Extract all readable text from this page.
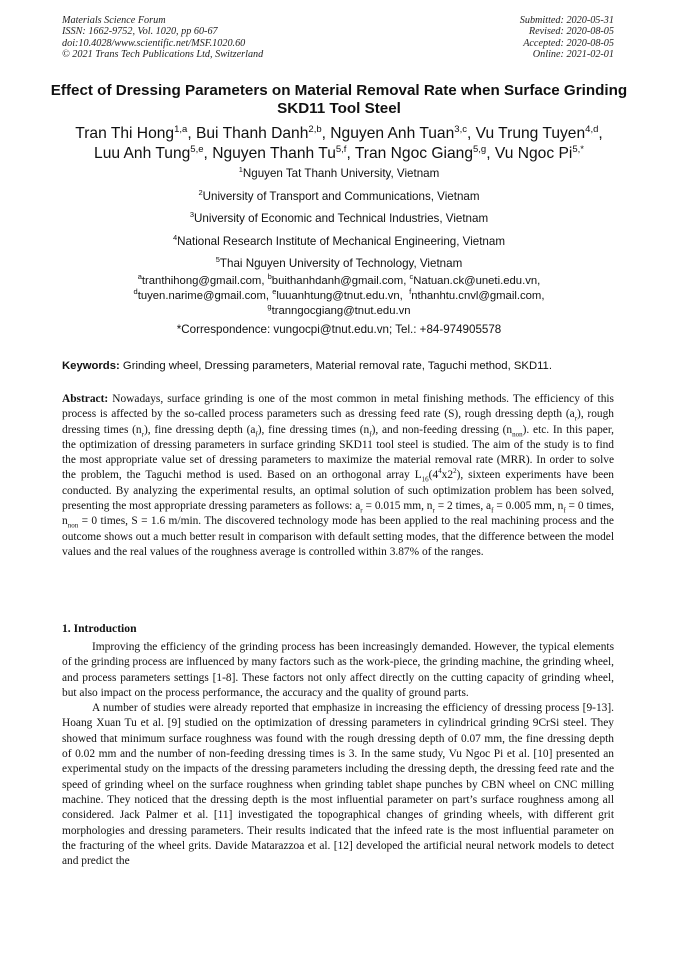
Materials Science Forum
ISSN: 1662-9752, Vol. 1020, pp 60-67
doi:10.4028/www.scientific.net/MSF.1020.60
© 2021 Trans Tech Publications Ltd, Switzerland
Submitted: 2020-05-31
Revised: 2020-08-05
Accepted: 2020-08-05
Online: 2021-02-01
Effect of Dressing Parameters on Material Removal Rate when Surface Grinding SKD11 Tool Steel
Tran Thi Hong$^{1,a}$, Bui Thanh Danh$^{2,b}$, Nguyen Anh Tuan$^{3,c}$, Vu Trung Tuyen$^{4,d}$,
Luu Anh Tung$^{5,e}$, Nguyen Thanh Tu$^{5,f}$, Tran Ngoc Giang$^{5,g}$, Vu Ngoc $Pi^{5,*}$
$^1$Nguyen Tat Thanh University, Vietnam
$^2$University of Transport and Communications, Vietnam
$^3$University of Economic and Technical Industries, Vietnam
$^4$National Research Institute of Mechanical Engineering, Vietnam
$^5$Thai Nguyen University of Technology, Vietnam
$^a$tranthihong@gmail.com, $^b$buithanhdanh@gmail.com, $^c$Natuan.ck@uneti.edu.vn,
$^d$tuyen.narime@gmail.com, $^e$luuanhtung@tnut.edu.vn,  $^f$nthanhtu.cnvl@gmail.com,
$^g$tranngocgiang@tnut.edu.vn
*Correspondence: vungocpi@tnut.edu.vn; Tel.: +84-974905578
Keywords: Grinding wheel, Dressing parameters, Material removal rate, Taguchi method, SKD11.
Abstract: Nowadays, surface grinding is one of the most common in metal finishing methods. The efficiency of this process is affected by the so-called process parameters such as dressing feed rate (S), rough dressing depth $(a_r)$, rough dressing times $(n_r)$, fine dressing depth $(a_f)$, fine dressing times $(n_f)$, and non-feeding dressing $(n_{non})$. etc. In this paper, the optimization of dressing parameters in surface grinding SKD11 tool steel is studied. The aim of the study is to find the most appropriate value set of dressing parameters to maximize the material removal rate (MRR). In order to solve the problem, the Taguchi method is used. Based on an orthogonal array $L_{16}(4^4x2^2)$, sixteen experiments have been conducted. By analyzing the experimental results, an optimal solution of such optimization problem has been solved, presenting the most appropriate dressing parameters as follows: $a_r = 0.015$ mm, $n_r = 2$ times, $a_f = 0.005$ mm, $n_f = 0$ times, $n_{non} = 0$ times, S = 1.6 m/min. The discovered technology mode has been applied to the real machining process and the outcome shows out a much better result in comparison with default setting modes, that the difference between the model values and the real values of the roughness average is controlled within 3.87% of the ranges.
1. Introduction

Improving the efficiency of the grinding process has been increasingly demanded. However, the typical elements of the grinding process are influenced by many factors such as the work-piece, the grinding machine, the grinding wheel, and process parameters settings [1-8]. These factors not only affect directly on the cutting capacity of grinding wheel, but also impact on the process performance, the accuracy and the quality of ground parts.

A number of studies were already reported that emphasize in increasing the efficiency of dressing process [9-13]. Hoang Xuan Tu et al. [9] studied on the optimization of dressing parameters in cylindrical grinding 9CrSi steel. They showed that minimum surface roughness was found with the rough dressing depth of 0.07 mm, the fine dressing depth of 0.02 mm and the number of non-feeding dressing times is 3. In the same study, Vu Ngoc Pi et al. [10] presented an experimental study on the impacts of the dressing parameters including the dressing depth, the dressing feed rate and the speed of grinding wheel on the surface roughness when grinding tablet shape punches by CBN wheel on CNC milling machine. They noticed that the dressing depth is the most influential parameter on part’s surface roughness among all considered. Jack Palmer et al. [11] investigated the topographical changes of grinding wheels, with different grit morphologies and dressing parameters. Their results indicated that the infeed rate is the most influential parameter on the fracturing of the wheel grits. Davide Matarazzoa et al. [12] developed the artificial neural network models to detect and predict the
